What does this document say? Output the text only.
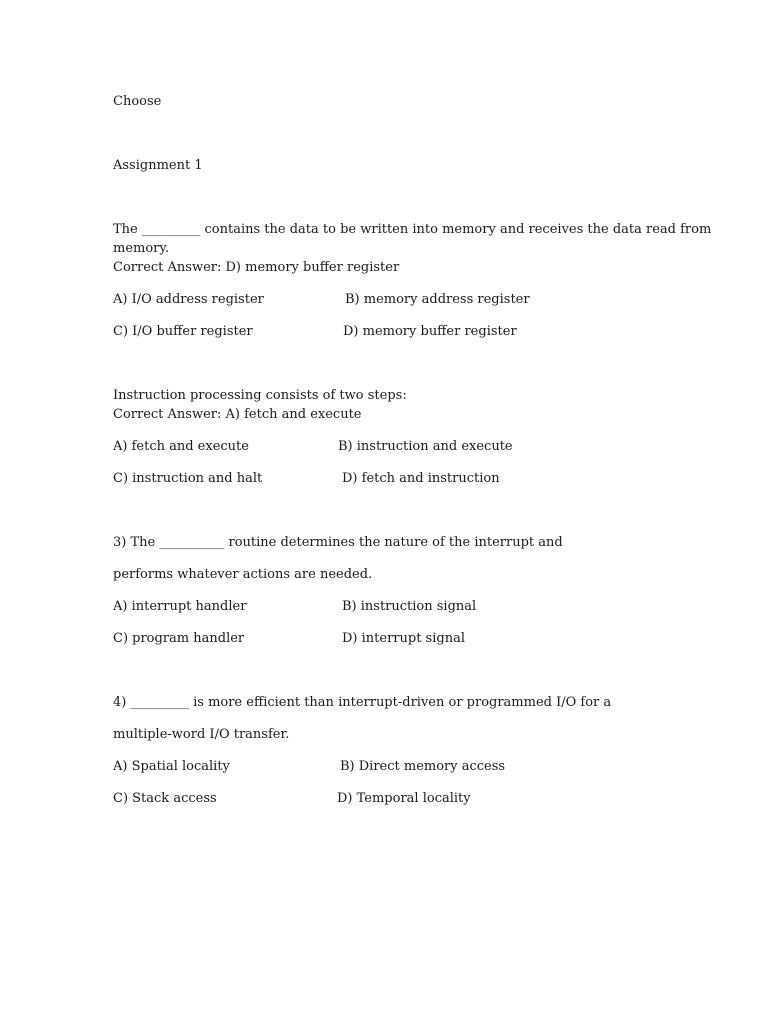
Choose
Assignment 1
The _________ contains the data to be written into memory and receives the data read from
memory.
Correct Answer: D) memory buffer register
A) I/O address register	B) memory address register
C) I/O buffer register	D) memory buffer register
Instruction processing consists of two steps:
Correct Answer: A) fetch and execute
A) fetch and execute	B) instruction and execute
C) instruction and halt	D) fetch and instruction
3) The __________ routine determines the nature of the interrupt and
performs whatever actions are needed.
A) interrupt handler	B) instruction signal
C) program handler	D) interrupt signal
4) _________ is more efficient than interrupt-driven or programmed I/O for a
multiple-word I/O transfer.
A) Spatial locality	B) Direct memory access
C) Stack access	D) Temporal locality
